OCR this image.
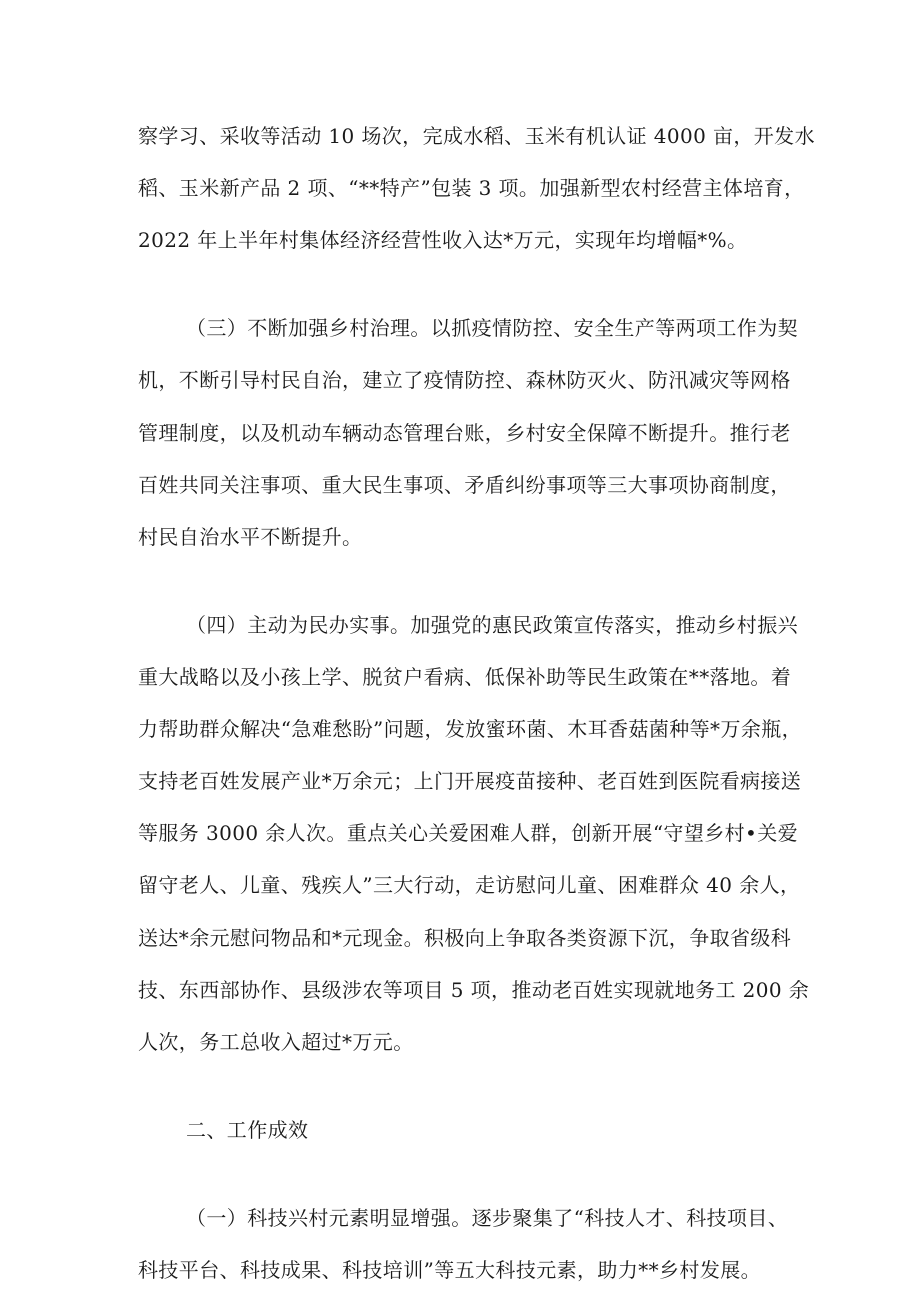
察学习、采收等活动 10 场次，完成水稻、玉米有机认证 4000 亩，开发水
稻、玉米新产品 2 项、“**特产”包装 3 项。加强新型农村经营主体培育，
2022 年上半年村集体经济经营性收入达*万元，实现年均增幅*%。
（三）不断加强乡村治理。以抓疫情防控、安全生产等两项工作为契
机，不断引导村民自治，建立了疫情防控、森林防灭火、防汛减灾等网格
管理制度，以及机动车辆动态管理台账，乡村安全保障不断提升。推行老
百姓共同关注事项、重大民生事项、矛盾纠纷事项等三大事项协商制度，
村民自治水平不断提升。
（四）主动为民办实事。加强党的惠民政策宣传落实，推动乡村振兴
重大战略以及小孩上学、脱贫户看病、低保补助等民生政策在**落地。着
力帮助群众解决“急难愁盼”问题，发放蜜环菌、木耳香菇菌种等*万余瓶，
支持老百姓发展产业*万余元；上门开展疫苗接种、老百姓到医院看病接送
等服务 3000 余人次。重点关心关爱困难人群，创新开展“守望乡村•关爱
留守老人、儿童、残疾人”三大行动，走访慰问儿童、困难群众 40 余人，
送达*余元慰问物品和*元现金。积极向上争取各类资源下沉，争取省级科
技、东西部协作、县级涉农等项目 5 项，推动老百姓实现就地务工 200 余
人次，务工总收入超过*万元。
二、工作成效
（一）科技兴村元素明显增强。逐步聚集了“科技人才、科技项目、
科技平台、科技成果、科技培训”等五大科技元素，助力**乡村发展。
